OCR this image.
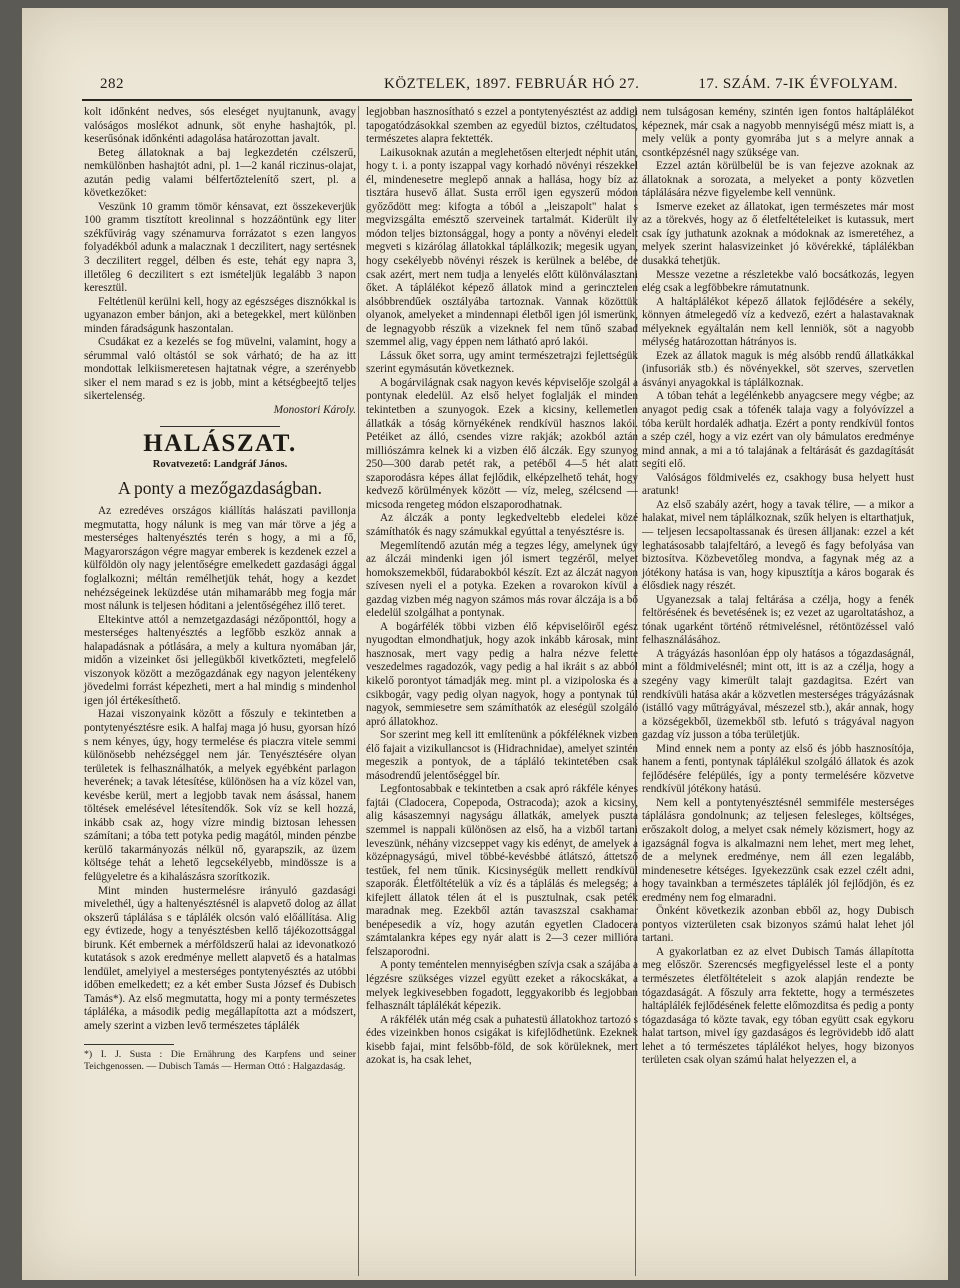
282	KÖZTELEK, 1897. FEBRUÁR HÓ 27.	17. SZÁM. 7-IK ÉVFOLYAM.

kolt időnként nedves, sós eleséget nyujtanunk, avagy valóságos moslékot adnunk, söt enyhe hashajtók, pl. keserűsónak időnkénti adagolása határozottan javalt.

Beteg állatoknak a baj legkezdetén czélszerű, nemkülönben hashajtót adni, pl. 1—2 kanál riczinus-olajat, azután pedig valami bélfertőztelenítő szert, pl. a következőket:

Veszünk 10 gramm tömör kénsavat, ezt összekeverjük 100 gramm tisztított kreolinnal s hozzáöntünk egy liter székfűvirág vagy szénamurva forrázatot s ezen langyos folyadékból adunk a malacznak 1 deczilitert, nagy sertésnek 3 deczilitert reggel, délben és este, tehát egy napra 3, illetőleg 6 deczilitert s ezt ismételjük legalább 3 napon keresztül.

Feltétlenül kerülni kell, hogy az egészséges disznókkal is ugyanazon ember bánjon, aki a betegekkel, mert különben minden fáradságunk haszontalan.

Csudákat ez a kezelés se fog müvelni, valamint, hogy a sérummal való oltástól se sok várható; de ha az itt mondottak lelkiismeretesen hajtatnak végre, a szerényebb siker el nem marad s ez is jobb, mint a kétségbeejtő teljes sikertelenség.

Monostori Károly.

HALÁSZAT.
Rovatvezető: Landgráf János.
A ponty a mezőgazdaságban.

Az ezredéves országos kiállítás halászati pavillonja megmutatta, hogy nálunk is meg van már törve a jég a mesterséges haltenyésztés terén s hogy, a mi a fő, Magyarországon végre magyar emberek is kezdenek ezzel a külföldön oly nagy jelentőségre emelkedett gazdasági ággal foglalkozni; méltán remélhetjük tehát, hogy a kezdet nehézségeinek leküzdése után mihamarább meg fogja már most nálunk is teljesen hóditani a jelentőségéhez illő teret.

Eltekintve attól a nemzetgazdasági nézőponttól, hogy a mesterséges haltenyésztés a legfőbb eszköz annak a halapadásnak a pótlására, a mely a kultura nyomában jár, midőn a vizeinket ősi jellegükből kivetkőzteti, megfelelő viszonyok között a mezőgazdának egy nagyon jelentékeny jövedelmi forrást képezheti, mert a hal mindig s mindenhol igen jól értékesíthető.

Hazai viszonyaink között a főszuly e tekintetben a pontytenyésztésre esik. A halfaj maga jó husu, gyorsan hízó s nem kényes, úgy, hogy termelése és piaczra vitele semmi különösebb nehézséggel nem jár. Tenyésztésére olyan területek is felhasználhatók, a melyek egyébként parlagon heverének; a tavak létesítése, különösen ha a víz közel van, kevésbe kerül, mert a legjobb tavak nem ásással, hanem töltések emelésével létesítendők. Sok víz se kell hozzá, inkább csak az, hogy vízre mindig biztosan lehessen számítani; a tóba tett potyka pedig magától, minden pénzbe kerülő takarmányozás nélkül nő, gyarapszik, az üzem költsége tehát a lehető legcsekélyebb, mindössze is a felügyeletre és a kihalászásra szorítkozik.

Mint minden hustermelésre irányuló gazdasági mivelethél, úgy a haltenyésztésnél is alapvető dolog az állat okszerű táplálása s e táplálék olcsón való előállítása. Alig egy évtizede, hogy a tenyésztésben kellő tájékozottsággal birunk. Két embernek a mérföldszerű halai az idevonatkozó kutatások s azok eredménye mellett alapvető és a hatalmas lendület, amelyiyel a mesterséges pontytenyésztés az utóbbi időben emelkedett; ez a két ember Susta József és Dubisch Tamás*). Az első megmutatta, hogy mi a ponty természetes tápláléka, a második pedig megállapította azt a módszert, amely szerint a vizben levő természetes táplálék

*) I. J. Susta : Die Ernährung des Karpfens und seiner Teichgenossen. — Dubisch Tamás — Herman Ottó : Halgazdaság.

legjobban hasznosítható s ezzel a pontytenyésztést az addigi tapogatódzásokkal szemben az egyedül biztos, czéltudatos, természetes alapra fektették.

Laikusoknak azután a meglehetősen elterjedt néphit után, hogy t. i. a ponty iszappal vagy korhadó növényi részekkel él, mindenesetre meglepő annak a hallása, hogy bíz az tisztára husevő állat. Susta erről igen egyszerű módon győződött meg: kifogta a tóból a „leiszapolt" halat s megvizsgálta emésztő szerveinek tartalmát. Kiderült ily módon teljes biztonsággal, hogy a ponty a növényi eledelt megveti s kizárólag állatokkal táplálkozik; megesik ugyan, hogy csekélyebb növényi részek is kerülnek a belébe, de csak azért, mert nem tudja a lenyelés előtt különválasztani őket. A táplálékot képező állatok mind a gerincztelen alsóbbrendűek osztályába tartoznak. Vannak közöttük olyanok, amelyeket a mindennapi életből igen jól ismerünk, de legnagyobb részük a vizeknek fel nem tűnő szabad szemmel alig, vagy éppen nem látható apró lakói.

Lássuk őket sorra, ugy amint természetrajzi fejlettségük szerint egymásután következnek.

A bogárvilágnak csak nagyon kevés képviselője szolgál a pontynak eledelül. Az első helyet foglalják el minden tekintetben a szunyogok. Ezek a kicsiny, kellemetlen állatkák a tóság környékének rendkívül hasznos lakói. Petéiket az álló, csendes vizre rakják; azokból aztán milliószámra kelnek ki a vizben élő álczák. Egy szunyog 250—300 darab petét rak, a petéből 4—5 hét alatt szaporodásra képes állat fejlődik, elképzelhető tehát, hogy kedvező körülmények között — víz, meleg, szélcsend — micsoda rengeteg módon elszaporodhatnak.

Az álczák a ponty legkedveltebb eledelei közé számíthatók és nagy számukkal egyúttal a tenyésztésre is.

Megemlítendő azután még a tegzes légy, amelynek úgy az álczái mindenki igen jól ismert tegzéről, melyet homokszemekből, fúdarabokból készít. Ezt az álczát nagyon szívesen nyeli el a potyka. Ezeken a rovarokon kívül a gazdag vizben még nagyon számos más rovar álczája is a bő eledelül szolgálhat a pontynak.

A bogárfélék többi vizben élő képviselőiről egész nyugodtan elmondhatjuk, hogy azok inkább károsak, mint hasznosak, mert vagy pedig a halra nézve felette veszedelmes ragadozók, vagy pedig a hal ikráit s az abból kikelő porontyot támadják meg. mint pl. a vizipoloska és a csikbogár, vagy pedig olyan nagyok, hogy a pontynak túl nagyok, semmiesetre sem számíthatók az eleségül szolgáló apró állatokhoz.

Sor szerint meg kell itt említenünk a pókféléknek vizben élő fajait a vizikullancsot is (Hidrachnidae), amelyet szintén megeszik a pontyok, de a tápláló tekintetében csak másodrendű jelentőséggel bír.

Legfontosabbak e tekintetben a csak apró rákféle kényes fajtái (Cladocera, Copepoda, Ostracoda); azok a kicsiny, alig kásaszemnyi nagyságu állatkák, amelyek puszta szemmel is nappali különösen az első, ha a vizből tartani leveszünk, néhány vizcseppet vagy kis edényt, de amelyek a középnagyságú, mivel többé-kevésbbé átlátszó, áttetsző testűek, fel nem tűnik. Kicsinységük mellett rendkívül szaporák. Életföltételük a víz és a táplálás és melegség; a kifejlett állatok télen át el is pusztulnak, csak peték maradnak meg. Ezekből aztán tavaszszal csakhamar benépesedik a víz, hogy azután egyetlen Cladocera számtalankra képes egy nyár alatt is 2—3 cezer millióra felszaporodni.

A ponty teméntelen mennyiségben szívja csak a szájába a légzésre szükséges vizzel együtt ezeket a rákocskákat, a melyek legkivesebben fogadott, leggyakoribb és legjobban felhasznált táplálékát képezik.

A rákfélék után még csak a puhatestü állatokhoz tartozó s édes vizeinkben honos csigákat is kifejlődhetünk. Ezeknek kisebb fajai, mint felsőbb-föld, de sok körüleknek, mert azokat is, ha csak lehet,

nem tulságosan kemény, szintén igen fontos haltáplálékot képeznek, már csak a nagyobb mennyiségű mész miatt is, a mely velük a ponty gyomrába jut s a melyre annak a csontképzésnél nagy szüksége van.

Ezzel aztán körülbelül be is van fejezve azoknak az állatoknak a sorozata, a melyeket a ponty közvetlen táplálására nézve figyelembe kell vennünk.

Ismerve ezeket az állatokat, igen természetes már most az a törekvés, hogy az ő életfeltételeiket is kutassuk, mert csak így juthatunk azoknak a módoknak az ismeretéhez, a melyek szerint halasvizeinket jó kövérekké, táplálékban dusakká tehetjük.

Messze vezetne a részletekbe való bocsátkozás, legyen elég csak a legföbbekre rámutatnunk.

A haltáplálékot képező állatok fejlődésére a sekély, könnyen átmelegedő víz a kedvező, ezért a halastavaknak mélyeknek egyáltalán nem kell lenniök, söt a nagyobb mélység határozottan hátrányos is.

Ezek az állatok maguk is még alsóbb rendű állatkákkal (infusoriák stb.) és növényekkel, söt szerves, szervetlen ásványi anyagokkal is táplálkoznak.

A tóban tehát a legélénkebb anyagcsere megy végbe; az anyagot pedig csak a tófenék talaja vagy a folyóvízzel a tóba került hordalék adhatja. Ezért a ponty rendkívül fontos a szép czél, hogy a viz ezért van oly bámulatos eredménye mind annak, a mi a tó talajának a feltárását és gazdagítását segíti elő.

Valóságos földmivelés ez, csakhogy busa helyett hust aratunk!

Az első szabály azért, hogy a tavak télire, — a mikor a halakat, mivel nem táplálkoznak, szűk helyen is eltarthatjuk, — teljesen lecsapoltassanak és üresen álljanak: ezzel a két leghatásosabb talajfeltáró, a levegő és fagy befolyása van biztosítva. Közbevetőleg mondva, a fagynak még az a jótékony hatása is van, hogy kipusztítja a káros bogarak és élősdiek nagy részét.

Ugyanezsak a talaj feltárása a czélja, hogy a fenék feltörésének és bevetésének is; ez vezet az ugaroltatáshoz, a tónak ugarként történő rétmivelésnel, rétöntözéssel való felhasználásához.

A trágyázás hasonlóan épp oly hatásos a tógazdaságnál, mint a földmivelésnél; mint ott, itt is az a czélja, hogy a szegény vagy kimerült talajt gazdagitsa. Ezért van rendkívüli hatása akár a közvetlen mesterséges trágyázásnak (istálló vagy műtrágyával, mészezel stb.), akár annak, hogy a községekből, üzemekből stb. lefutó s trágyával nagyon gazdag víz jusson a tóba területjük.

Mind ennek nem a ponty az első és jóbb hasznosítója, hanem a fenti, pontynak táplálékul szolgáló állatok és azok fejlődésére felépülés, így a ponty termelésére közvetve rendkívül jótékony hatású.

Nem kell a pontytenyésztésnél semmiféle mesterséges táplálásra gondolnunk; az teljesen felesleges, költséges, erőszakolt dolog, a melyet csak némely közismert, hogy az igazságnál fogva is alkalmazni nem lehet, mert meg lehet, de a melynek eredménye, nem áll ezen legalább, mindenesetre kétséges. Igyekezzünk csak ezzel czélt adni, hogy tavainkban a természetes táplálék jól fejlődjön, és ez eredmény nem fog elmaradni.

Önként következik azonban ebből az, hogy Dubisch pontyos vizterületen csak bizonyos számú halat lehet jól tartani.

A gyakorlatban ez az elvet Dubisch Tamás állapította meg először. Szerencsés megfigyeléssel leste el a ponty természetes életföltételeit s azok alapján rendezte be tógazdaságát. A főszuly arra fektette, hogy a természetes haltáplálék fejlődésének felette előmozditsa és pedig a ponty tógazdasága tó közte tavak, egy tóban együtt csak egykoru halat tartson, mivel így gazdaságos és legrövidebb idő alatt lehet a tó természetes táplálékot helyes, hogy bizonyos területen csak olyan számú halat helyezzen el, a
